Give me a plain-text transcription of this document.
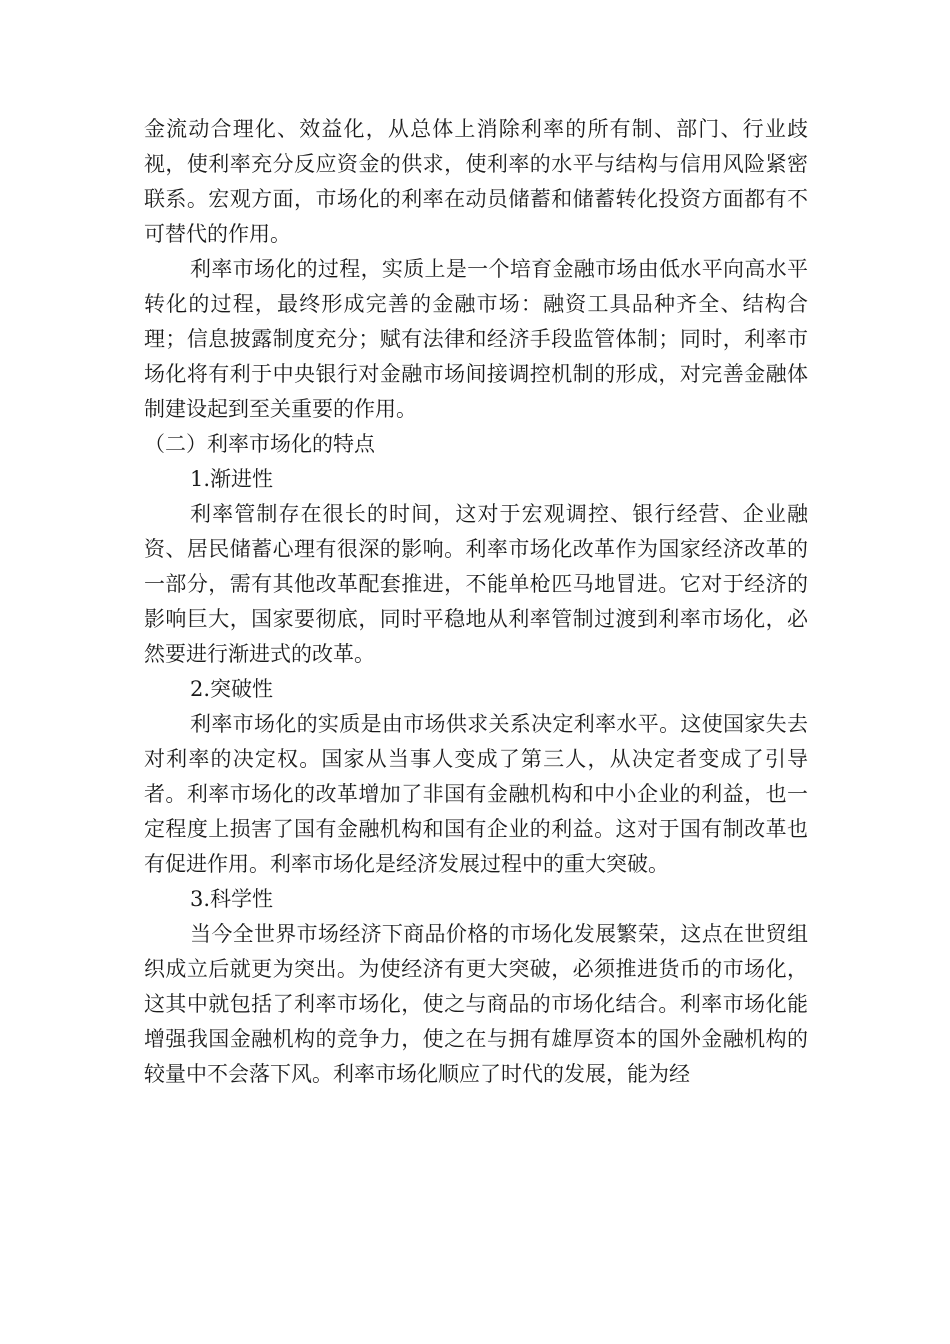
金流动合理化、效益化，从总体上消除利率的所有制、部门、行业歧视，使利率充分反应资金的供求，使利率的水平与结构与信用风险紧密联系。宏观方面，市场化的利率在动员储蓄和储蓄转化投资方面都有不可替代的作用。

利率市场化的过程，实质上是一个培育金融市场由低水平向高水平转化的过程，最终形成完善的金融市场：融资工具品种齐全、结构合理；信息披露制度充分；赋有法律和经济手段监管体制；同时，利率市场化将有利于中央银行对金融市场间接调控机制的形成，对完善金融体制建设起到至关重要的作用。

（二）利率市场化的特点

1.渐进性

利率管制存在很长的时间，这对于宏观调控、银行经营、企业融资、居民储蓄心理有很深的影响。利率市场化改革作为国家经济改革的一部分，需有其他改革配套推进，不能单枪匹马地冒进。它对于经济的影响巨大，国家要彻底，同时平稳地从利率管制过渡到利率市场化，必然要进行渐进式的改革。

2.突破性

利率市场化的实质是由市场供求关系决定利率水平。这使国家失去对利率的决定权。国家从当事人变成了第三人，从决定者变成了引导者。利率市场化的改革增加了非国有金融机构和中小企业的利益，也一定程度上损害了国有金融机构和国有企业的利益。这对于国有制改革也有促进作用。利率市场化是经济发展过程中的重大突破。

3.科学性

当今全世界市场经济下商品价格的市场化发展繁荣，这点在世贸组织成立后就更为突出。为使经济有更大突破，必须推进货币的市场化，这其中就包括了利率市场化，使之与商品的市场化结合。利率市场化能增强我国金融机构的竞争力，使之在与拥有雄厚资本的国外金融机构的较量中不会落下风。利率市场化顺应了时代的发展，能为经
